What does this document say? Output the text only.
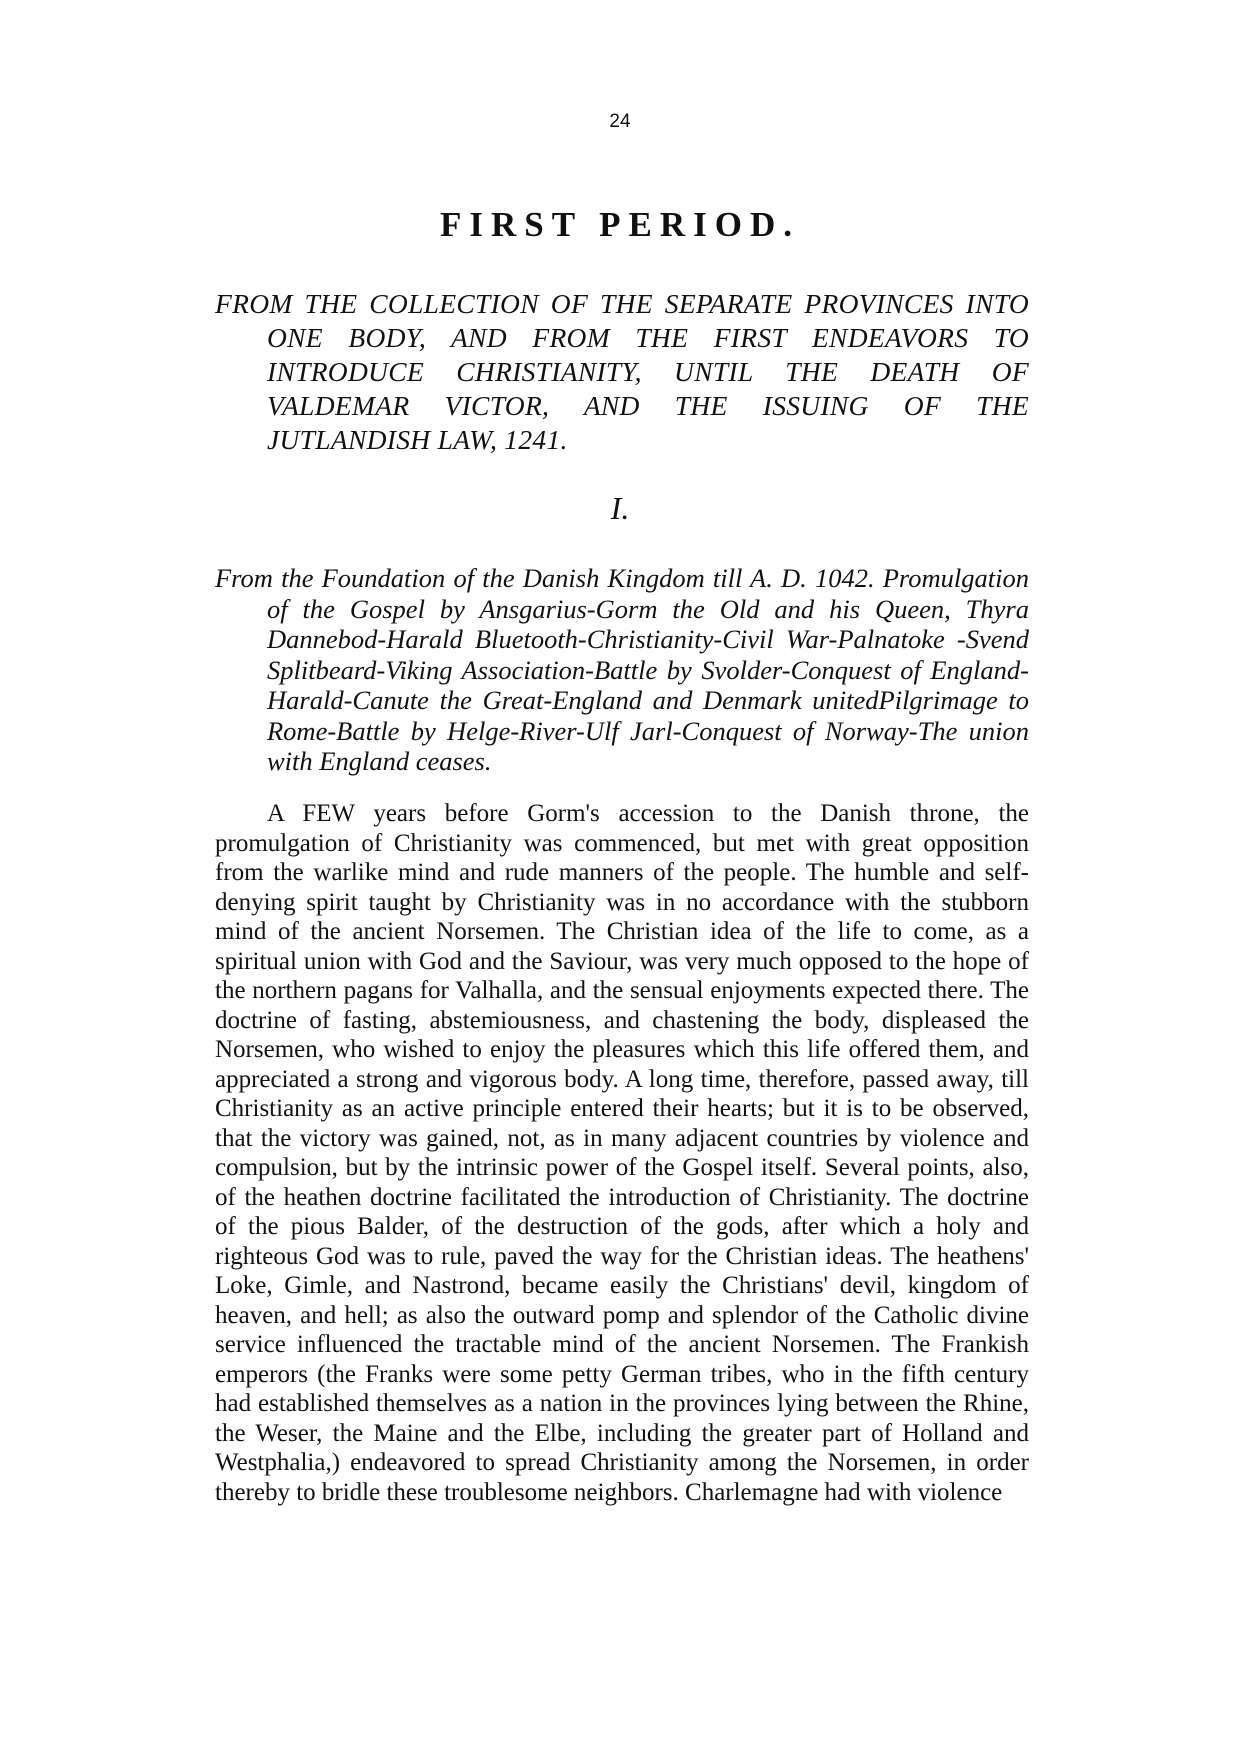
24
FIRST PERIOD.
FROM THE COLLECTION OF THE SEPARATE PROVINCES INTO ONE BODY, AND FROM THE FIRST ENDEAVORS TO INTRODUCE CHRISTIANITY, UNTIL THE DEATH OF VALDEMAR VICTOR, AND THE ISSUING OF THE JUTLANDISH LAW, 1241.
I.
From the Foundation of the Danish Kingdom till A. D. 1042. Promulgation of the Gospel by Ansgarius-Gorm the Old and his Queen, Thyra Dannebod-Harald Bluetooth-Christianity-Civil War-Palnatoke -Svend Splitbeard-Viking Association-Battle by Svolder-Conquest of England-Harald-Canute the Great-England and Denmark unitedPilgrimage to Rome-Battle by Helge-River-Ulf Jarl-Conquest of Norway-The union with England ceases.

A FEW years before Gorm's accession to the Danish throne, the promulgation of Christianity was commenced, but met with great opposition from the warlike mind and rude manners of the people. The humble and self-denying spirit taught by Christianity was in no accordance with the stubborn mind of the ancient Norsemen. The Christian idea of the life to come, as a spiritual union with God and the Saviour, was very much opposed to the hope of the northern pagans for Valhalla, and the sensual enjoyments expected there. The doctrine of fasting, abstemiousness, and chastening the body, displeased the Norsemen, who wished to enjoy the pleasures which this life offered them, and appreciated a strong and vigorous body. A long time, therefore, passed away, till Christianity as an active principle entered their hearts; but it is to be observed, that the victory was gained, not, as in many adjacent countries by violence and compulsion, but by the intrinsic power of the Gospel itself. Several points, also, of the heathen doctrine facilitated the introduction of Christianity. The doctrine of the pious Balder, of the destruction of the gods, after which a holy and righteous God was to rule, paved the way for the Christian ideas. The heathens' Loke, Gimle, and Nastrond, became easily the Christians' devil, kingdom of heaven, and hell; as also the outward pomp and splendor of the Catholic divine service influenced the tractable mind of the ancient Norsemen. The Frankish emperors (the Franks were some petty German tribes, who in the fifth century had established themselves as a nation in the provinces lying between the Rhine, the Weser, the Maine and the Elbe, including the greater part of Holland and Westphalia,) endeavored to spread Christianity among the Norsemen, in order thereby to bridle these troublesome neighbors. Charlemagne had with violence
